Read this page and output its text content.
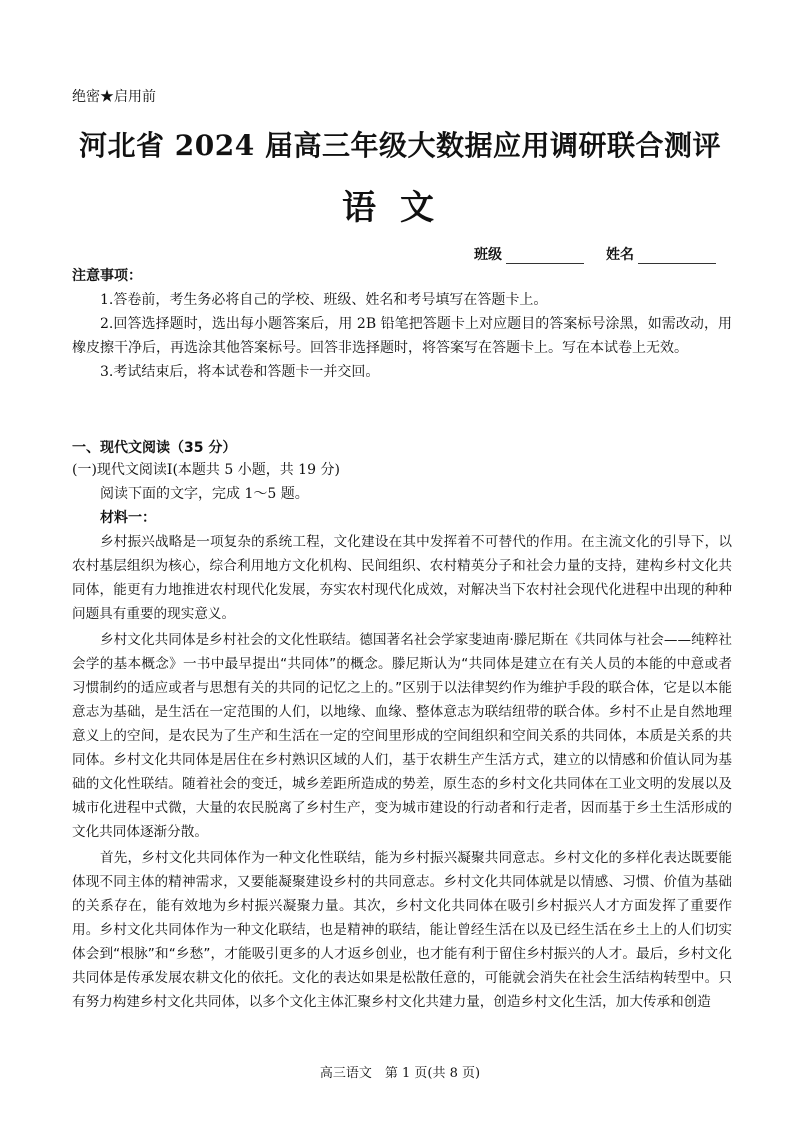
绝密★启用前
河北省 2024 届高三年级大数据应用调研联合测评
语文
班级	姓名
注意事项：

1.答卷前，考生务必将自己的学校、班级、姓名和考号填写在答题卡上。

2.回答选择题时，选出每小题答案后，用 2B 铅笔把答题卡上对应题目的答案标号涂黑，如需改动，用橡皮擦干净后，再选涂其他答案标号。回答非选择题时，将答案写在答题卡上。写在本试卷上无效。

3.考试结束后，将本试卷和答题卡一并交回。

一、现代文阅读（35 分）
(一)现代文阅读Ⅰ(本题共 5 小题，共 19 分)
阅读下面的文字，完成 1～5 题。
材料一：

乡村振兴战略是一项复杂的系统工程，文化建设在其中发挥着不可替代的作用。在主流文化的引导下，以农村基层组织为核心，综合利用地方文化机构、民间组织、农村精英分子和社会力量的支持，建构乡村文化共同体，能更有力地推进农村现代化发展，夯实农村现代化成效，对解决当下农村社会现代化进程中出现的种种问题具有重要的现实意义。

乡村文化共同体是乡村社会的文化性联结。德国著名社会学家斐迪南·滕尼斯在《共同体与社会——纯粹社会学的基本概念》一书中最早提出“共同体”的概念。滕尼斯认为“共同体是建立在有关人员的本能的中意或者习惯制约的适应或者与思想有关的共同的记忆之上的。”区别于以法律契约作为维护手段的联合体，它是以本能意志为基础，是生活在一定范围的人们，以地缘、血缘、整体意志为联结纽带的联合体。乡村不止是自然地理意义上的空间，是农民为了生产和生活在一定的空间里形成的空间组织和空间关系的共同体，本质是关系的共同体。乡村文化共同体是居住在乡村熟识区域的人们，基于农耕生产生活方式，建立的以情感和价值认同为基础的文化性联结。随着社会的变迁，城乡差距所造成的势差，原生态的乡村文化共同体在工业文明的发展以及城市化进程中式微，大量的农民脱离了乡村生产，变为城市建设的行动者和行走者，因而基于乡土生活形成的文化共同体逐渐分散。

首先，乡村文化共同体作为一种文化性联结，能为乡村振兴凝聚共同意志。乡村文化的多样化表达既要能体现不同主体的精神需求，又要能凝聚建设乡村的共同意志。乡村文化共同体就是以情感、习惯、价值为基础的关系存在，能有效地为乡村振兴凝聚力量。其次，乡村文化共同体在吸引乡村振兴人才方面发挥了重要作用。乡村文化共同体作为一种文化联结，也是精神的联结，能让曾经生活在以及已经生活在乡土上的人们切实体会到“根脉”和“乡愁”，才能吸引更多的人才返乡创业，也才能有利于留住乡村振兴的人才。最后，乡村文化共同体是传承发展农耕文化的依托。文化的表达如果是松散任意的，可能就会消失在社会生活结构转型中。只有努力构建乡村文化共同体，以多个文化主体汇聚乡村文化共建力量，创造乡村文化生活，加大传承和创造

高三语文　第 1 页(共 8 页)
